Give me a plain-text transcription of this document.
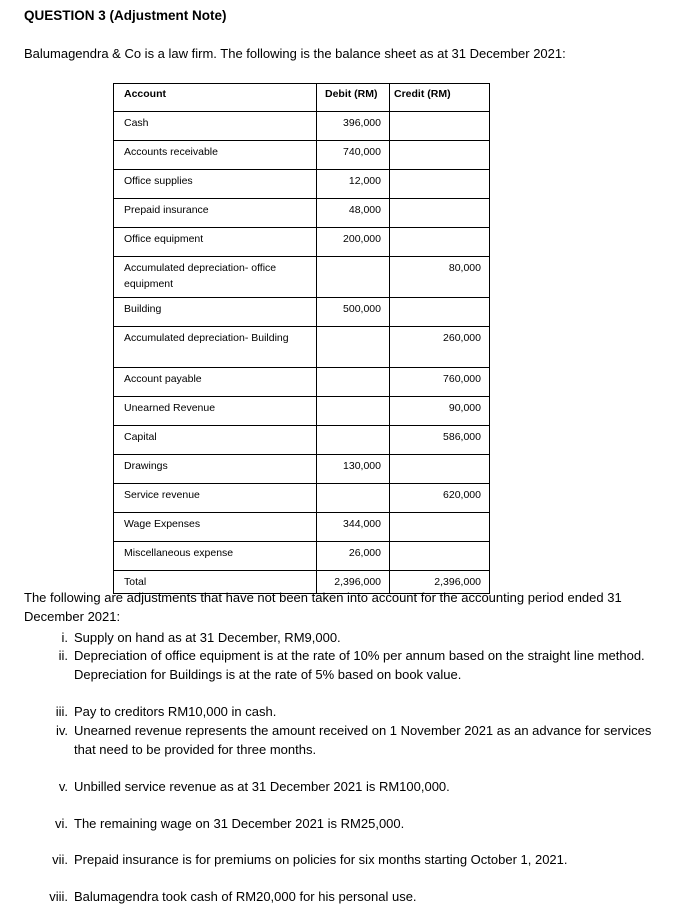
QUESTION 3 (Adjustment Note)
Balumagendra & Co is a law firm. The following is the balance sheet as at 31 December 2021:
Account	Debit (RM)	Credit (RM)
Cash	396,000	
Accounts receivable	740,000	
Office supplies	12,000	
Prepaid insurance	48,000	
Office equipment	200,000	
Accumulated depreciation- office equipment		80,000
Building	500,000	
Accumulated depreciation- Building		260,000
Account payable		760,000
Unearned Revenue		90,000
Capital		586,000
Drawings	130,000	
Service revenue		620,000
Wage Expenses	344,000	
Miscellaneous expense	26,000	
Total	2,396,000	2,396,000
The following are adjustments that have not been taken into account for the accounting period ended 31 December 2021:
i. Supply on hand as at 31 December, RM9,000.
ii. Depreciation of office equipment is at the rate of 10% per annum based on the straight line method. Depreciation for Buildings is at the rate of 5% based on book value.
iii. Pay to creditors RM10,000 in cash.
iv. Unearned revenue represents the amount received on 1 November 2021 as an advance for services that need to be provided for three months.
v. Unbilled service revenue as at 31 December 2021 is RM100,000.
vi. The remaining wage on 31 December 2021 is RM25,000.
vii. Prepaid insurance is for premiums on policies for six months starting October 1, 2021.
viii. Balumagendra took cash of RM20,000 for his personal use.
